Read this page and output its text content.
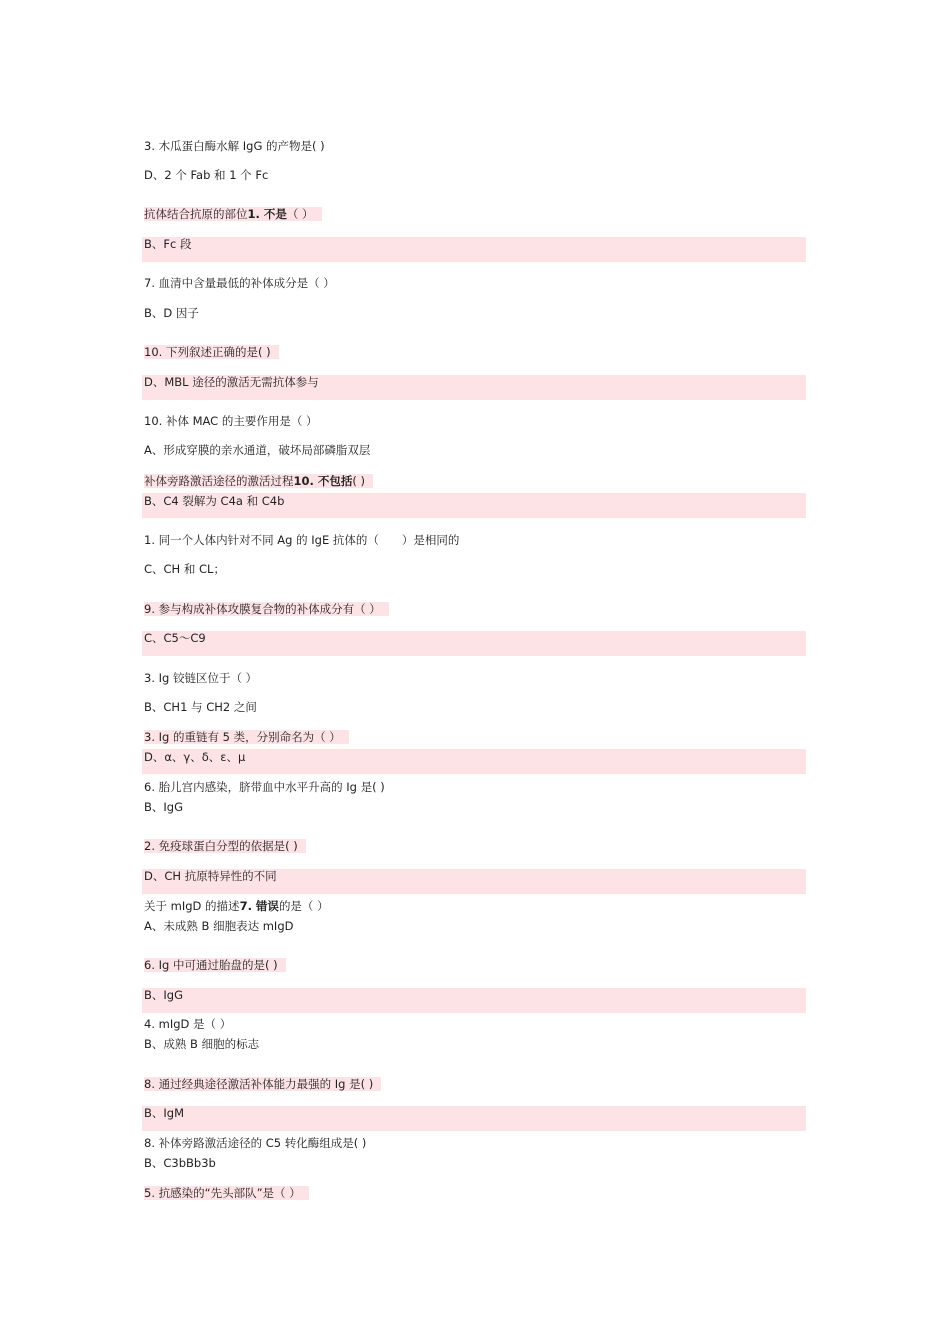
3. 木瓜蛋白酶水解 IgG 的产物是( )
D、2 个 Fab 和 1 个 Fc
抗体结合抗原的部位1. 不是（ ）
B、Fc 段
7. 血清中含量最低的补体成分是（ ）
B、D 因子
10. 下列叙述正确的是( )
D、MBL 途径的激活无需抗体参与
10. 补体 MAC 的主要作用是（ ）
A、形成穿膜的亲水通道，破坏局部磷脂双层
补体旁路激活途径的激活过程10. 不包括( )
B、C4 裂解为 C4a 和 C4b
1. 同一个人体内针对不同 Ag 的 IgE 抗体的（　　）是相同的
C、CH 和 CL；
9. 参与构成补体攻膜复合物的补体成分有（ ）
C、C5～C9
3. Ig 铰链区位于（ ）
B、CH1 与 CH2 之间
3. Ig 的重链有 5 类，分别命名为（ ）
D、α、γ、δ、ε、μ
6. 胎儿宫内感染，脐带血中水平升高的 Ig 是( )
B、IgG
2. 免疫球蛋白分型的依据是( )
D、CH 抗原特异性的不同
关于 mIgD 的描述7. 错误的是（ ）
A、未成熟 B 细胞表达 mIgD
6. Ig 中可通过胎盘的是( )
B、IgG
4. mIgD 是（ ）
B、成熟 B 细胞的标志
8. 通过经典途径激活补体能力最强的 Ig 是( )
B、IgM
8. 补体旁路激活途径的 C5 转化酶组成是( )
B、C3bBb3b
5. 抗感染的“先头部队”是（ ）
